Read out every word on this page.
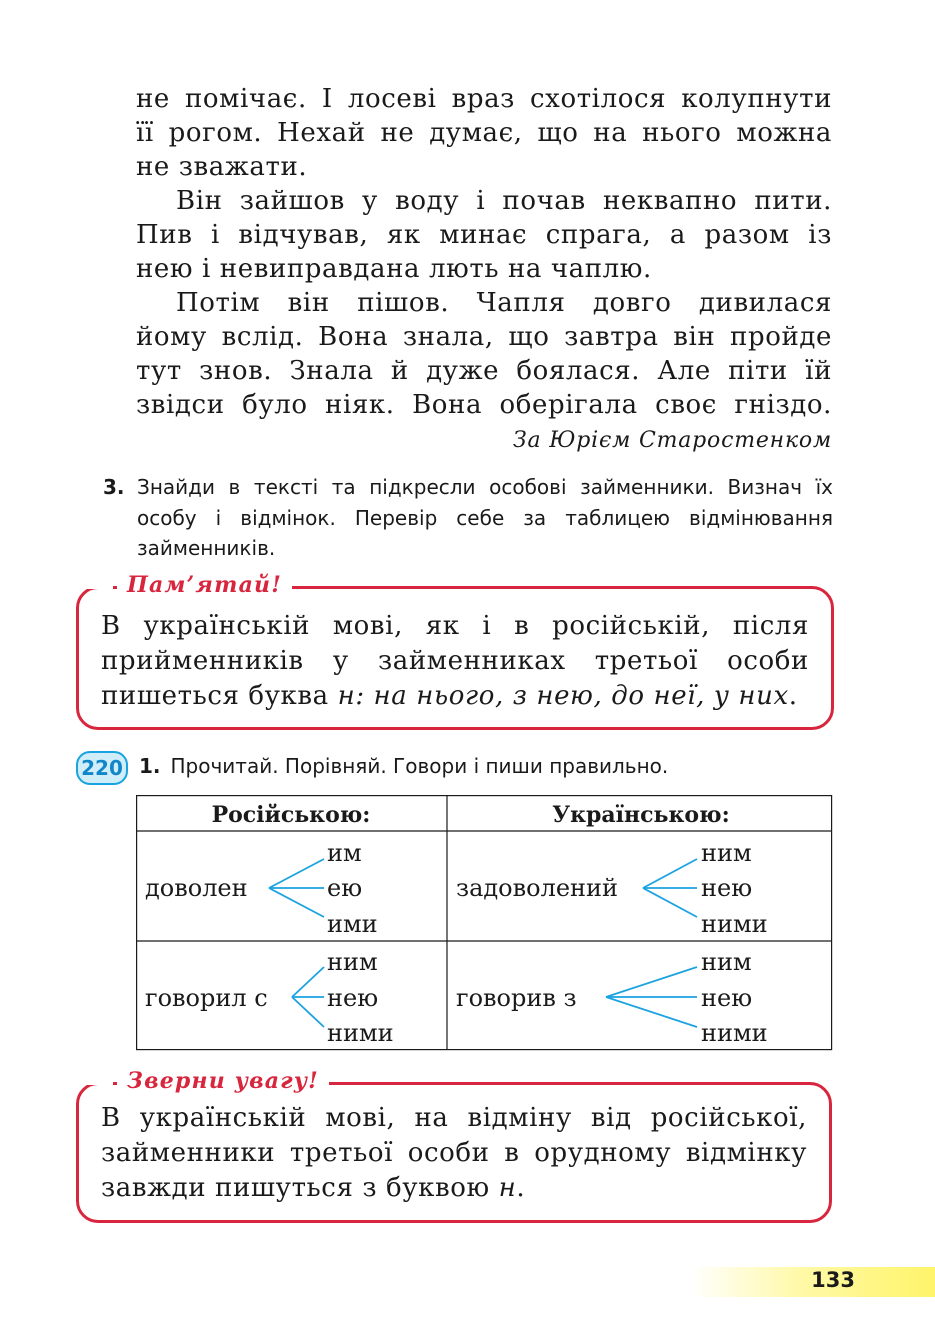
не помічає. І лосеві враз схотілося колупнути

її рогом. Нехай не думає, що на нього можна

не зважати.

Він зайшов у воду і почав неквапно пити.

Пив і відчував, як минає спрага, а разом із

нею і невиправдана лють на чаплю.

Потім він пішов. Чапля довго дивилася

йому вслід. Вона знала, що завтра він пройде

тут знов. Знала й дуже боялася. Але піти їй

звідси було ніяк. Вона оберігала своє гніздо.

За Юрієм Старостенком
3. Знайди в тексті та підкресли особові займенники. Визнач їх особу і відмінок. Перевір себе за таблицею відмінювання займенників.
Пам’ятай!
В українській мові, як і в російській, після прийменників у займенниках третьої особи пишеться буква н: на нього, з нею, до неї, у них.
220 1. Прочитай. Порівняй. Говори і пиши правильно.
Російською:	Українською:
доволен
им
ею
ими
задоволений
ним
нею
ними
говорил с
ним
нею
ними
говорив з
ним
нею
ними
Зверни увагу!
В українській мові, на відміну від російської, займенники третьої особи в орудному відмінку завжди пишуться з буквою н.
133
